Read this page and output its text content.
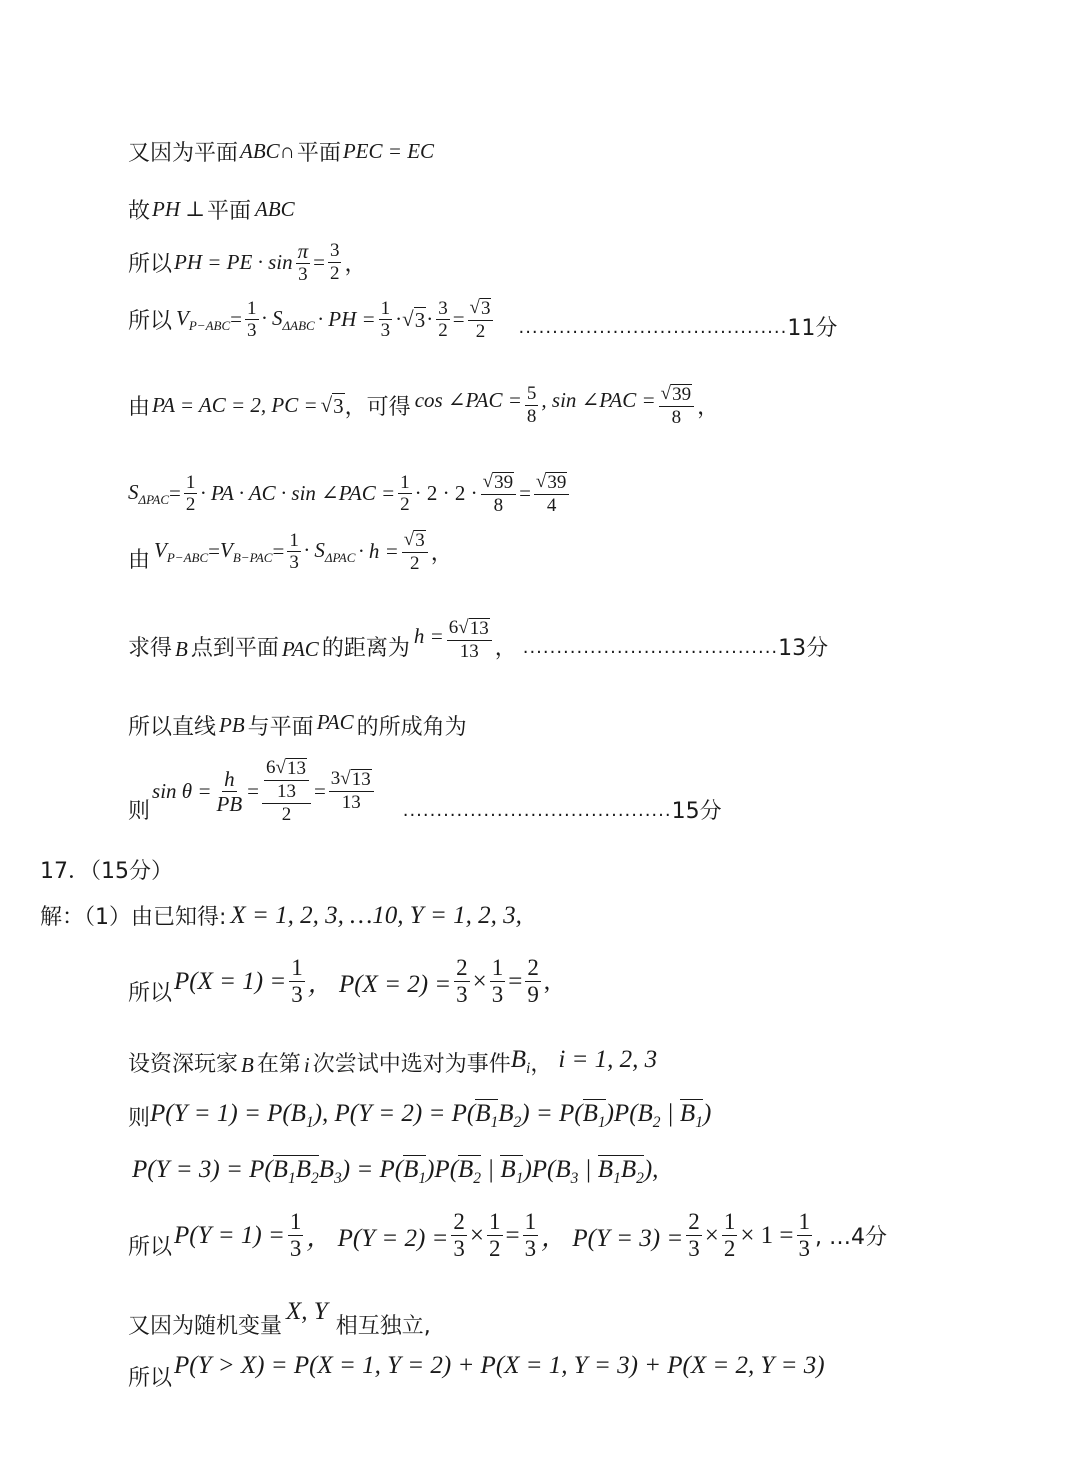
又因为平面 ABC∩ 平面 PEC = EC
故 PH ⊥ 平面 ABC
所以 PH = PE · $\sin \frac{\pi}{3} = \frac{3}{2}$ ，
所以 $V_{P-ABC} = \frac{1}{3} \cdot S_{\Delta ABC}$ · PH = $\frac{1}{3}$ · √ $3 \cdot \frac{3}{2} = \frac{√ 3}{2}$ ........................................ 11分
由 PA = AC = 2, PC = √ 3 ，可得 cos ∠PAC = $\frac{5}{8}$ , sin ∠PAC = $\frac{√ 39}{8}$ ，
$S_{\Delta PAC} = \frac{1}{2}$ · PA · AC · sin ∠PAC = $\frac{1}{2} \cdot 2 \cdot 2 \cdot \frac{√ 39}{8} = \frac{√ 39}{4}$
由 $V_{P-ABC} = V_{B-PAC} = \frac{1}{3} \cdot S_{\Delta PAC} \cdot h = \frac{√ 3}{2}$ ，
求得 B 点到平面 PAC 的距离为 $h = \frac{6 √ 13}{13}$ ， ...................................... 13分
所以直线 PB 与平面 PAC 的所成角为
则
$\sin \theta = \frac{h}{PB} = \frac{\frac{6 √ 13}{13}}{2} = \frac{3 √ 13}{13}$ ........................................ 15分
17．（15分）
解：（1）由已知得: X = 1, 2, 3, …10, Y = 1, 2, 3,
所以 $P(X = 1) = \frac{1}{3}$ ， $P(X = 2) = \frac{2}{3} \times \frac{1}{3} = \frac{2}{9}$ ,
设资深玩家 B 在第 i 次尝试中选对为事件 $B_i$ ， i = 1, 2, 3
则 $P(Y = 1) = P(B_1)$, $P(Y = 2) = P(B_1B_2) = P(B_1)P(B_2$ | $B_1$)
$P(Y = 3) = P(B_1B_2B_3) = P(B_1)P(B_2$ | $B_1)P(B_3$ | $B_1B_2$),
所以 $P(Y = 1) = \frac{1}{3}$ ， $P(Y = 2) = \frac{2}{3} \times \frac{1}{2} = \frac{1}{3}$ ， $P(Y = 3) = \frac{2}{3} \times \frac{1}{2} \times 1 = \frac{1}{3}$ , …4分
又因为随机变量
X, Y
相互独立,
所以 P(Y > X) = P(X = 1, Y = 2) + P(X = 1, Y = 3) + P(X = 2, Y = 3)
